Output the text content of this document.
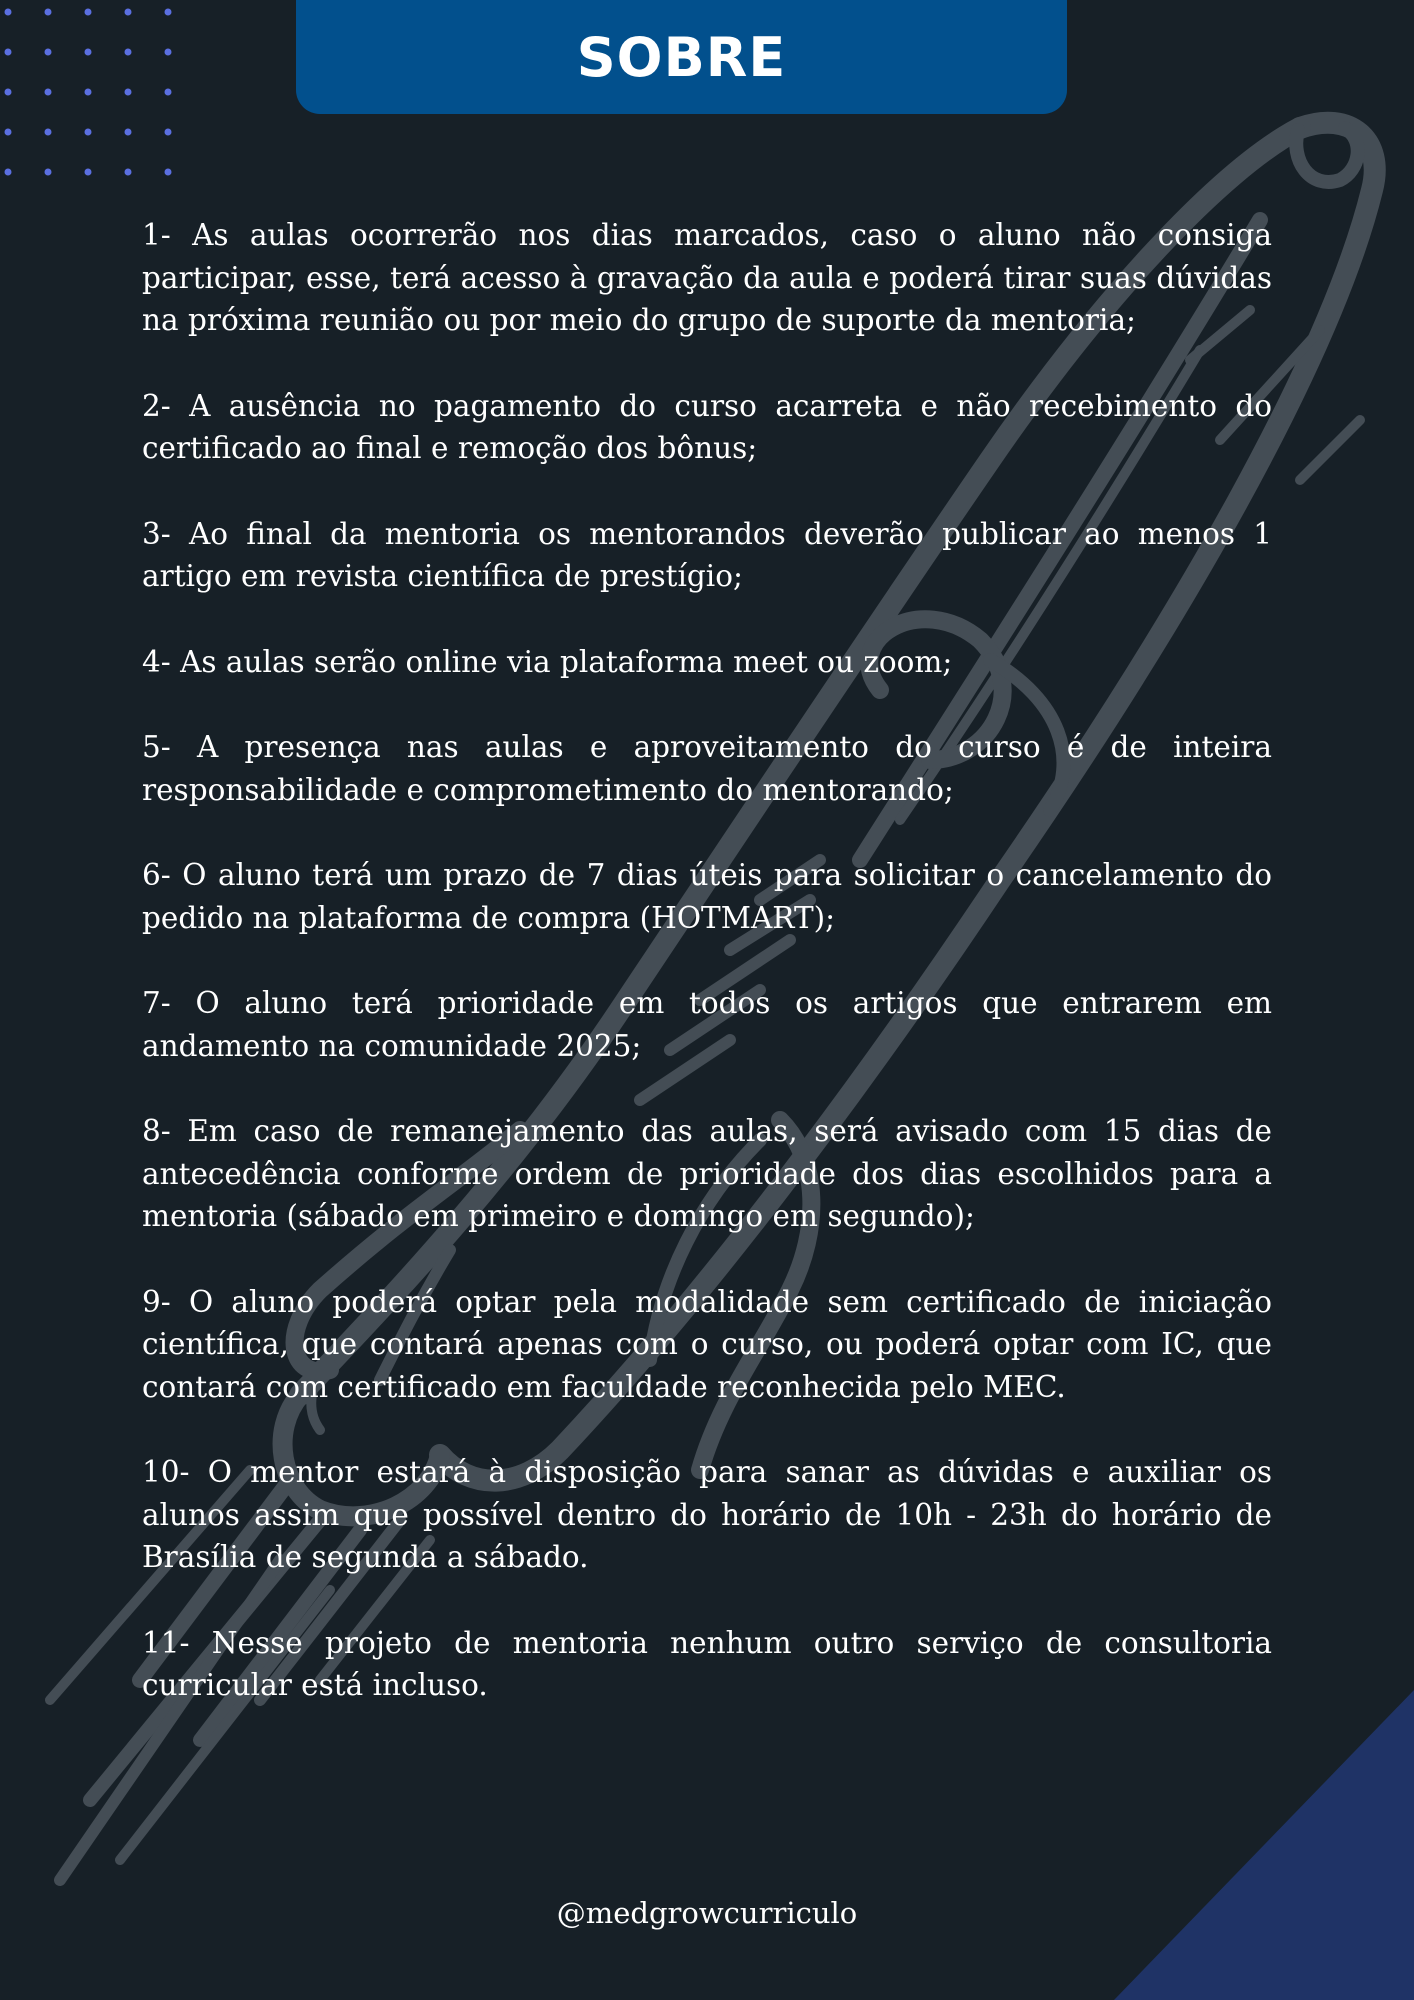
SOBRE

1- As aulas ocorrerão nos dias marcados, caso o aluno não consiga participar, esse, terá acesso à gravação da aula e poderá tirar suas dúvidas na próxima reunião ou por meio do grupo de suporte da mentoria;

2- A ausência no pagamento do curso acarreta e não recebimento do certificado ao final e remoção dos bônus;

3- Ao final da mentoria os mentorandos deverão publicar ao menos 1 artigo em revista científica de prestígio;

4- As aulas serão online via plataforma meet ou zoom;

5- A presença nas aulas e aproveitamento do curso é de inteira responsabilidade e comprometimento do mentorando;

6- O aluno terá um prazo de 7 dias úteis para solicitar o cancelamento do pedido na plataforma de compra (HOTMART);

7- O aluno terá prioridade em todos os artigos que entrarem em andamento na comunidade 2025;

8- Em caso de remanejamento das aulas, será avisado com 15 dias de antecedência conforme ordem de prioridade dos dias escolhidos para a mentoria (sábado em primeiro e domingo em segundo);

9- O aluno poderá optar pela modalidade sem certificado de iniciação científica, que contará apenas com o curso, ou poderá optar com IC, que contará com certificado em faculdade reconhecida pelo MEC.

10- O mentor estará à disposição para sanar as dúvidas e auxiliar os alunos assim que possível dentro do horário de 10h - 23h do horário de Brasília de segunda a sábado.

11- Nesse projeto de mentoria nenhum outro serviço de consultoria curricular está incluso.

@medgrowcurriculo
